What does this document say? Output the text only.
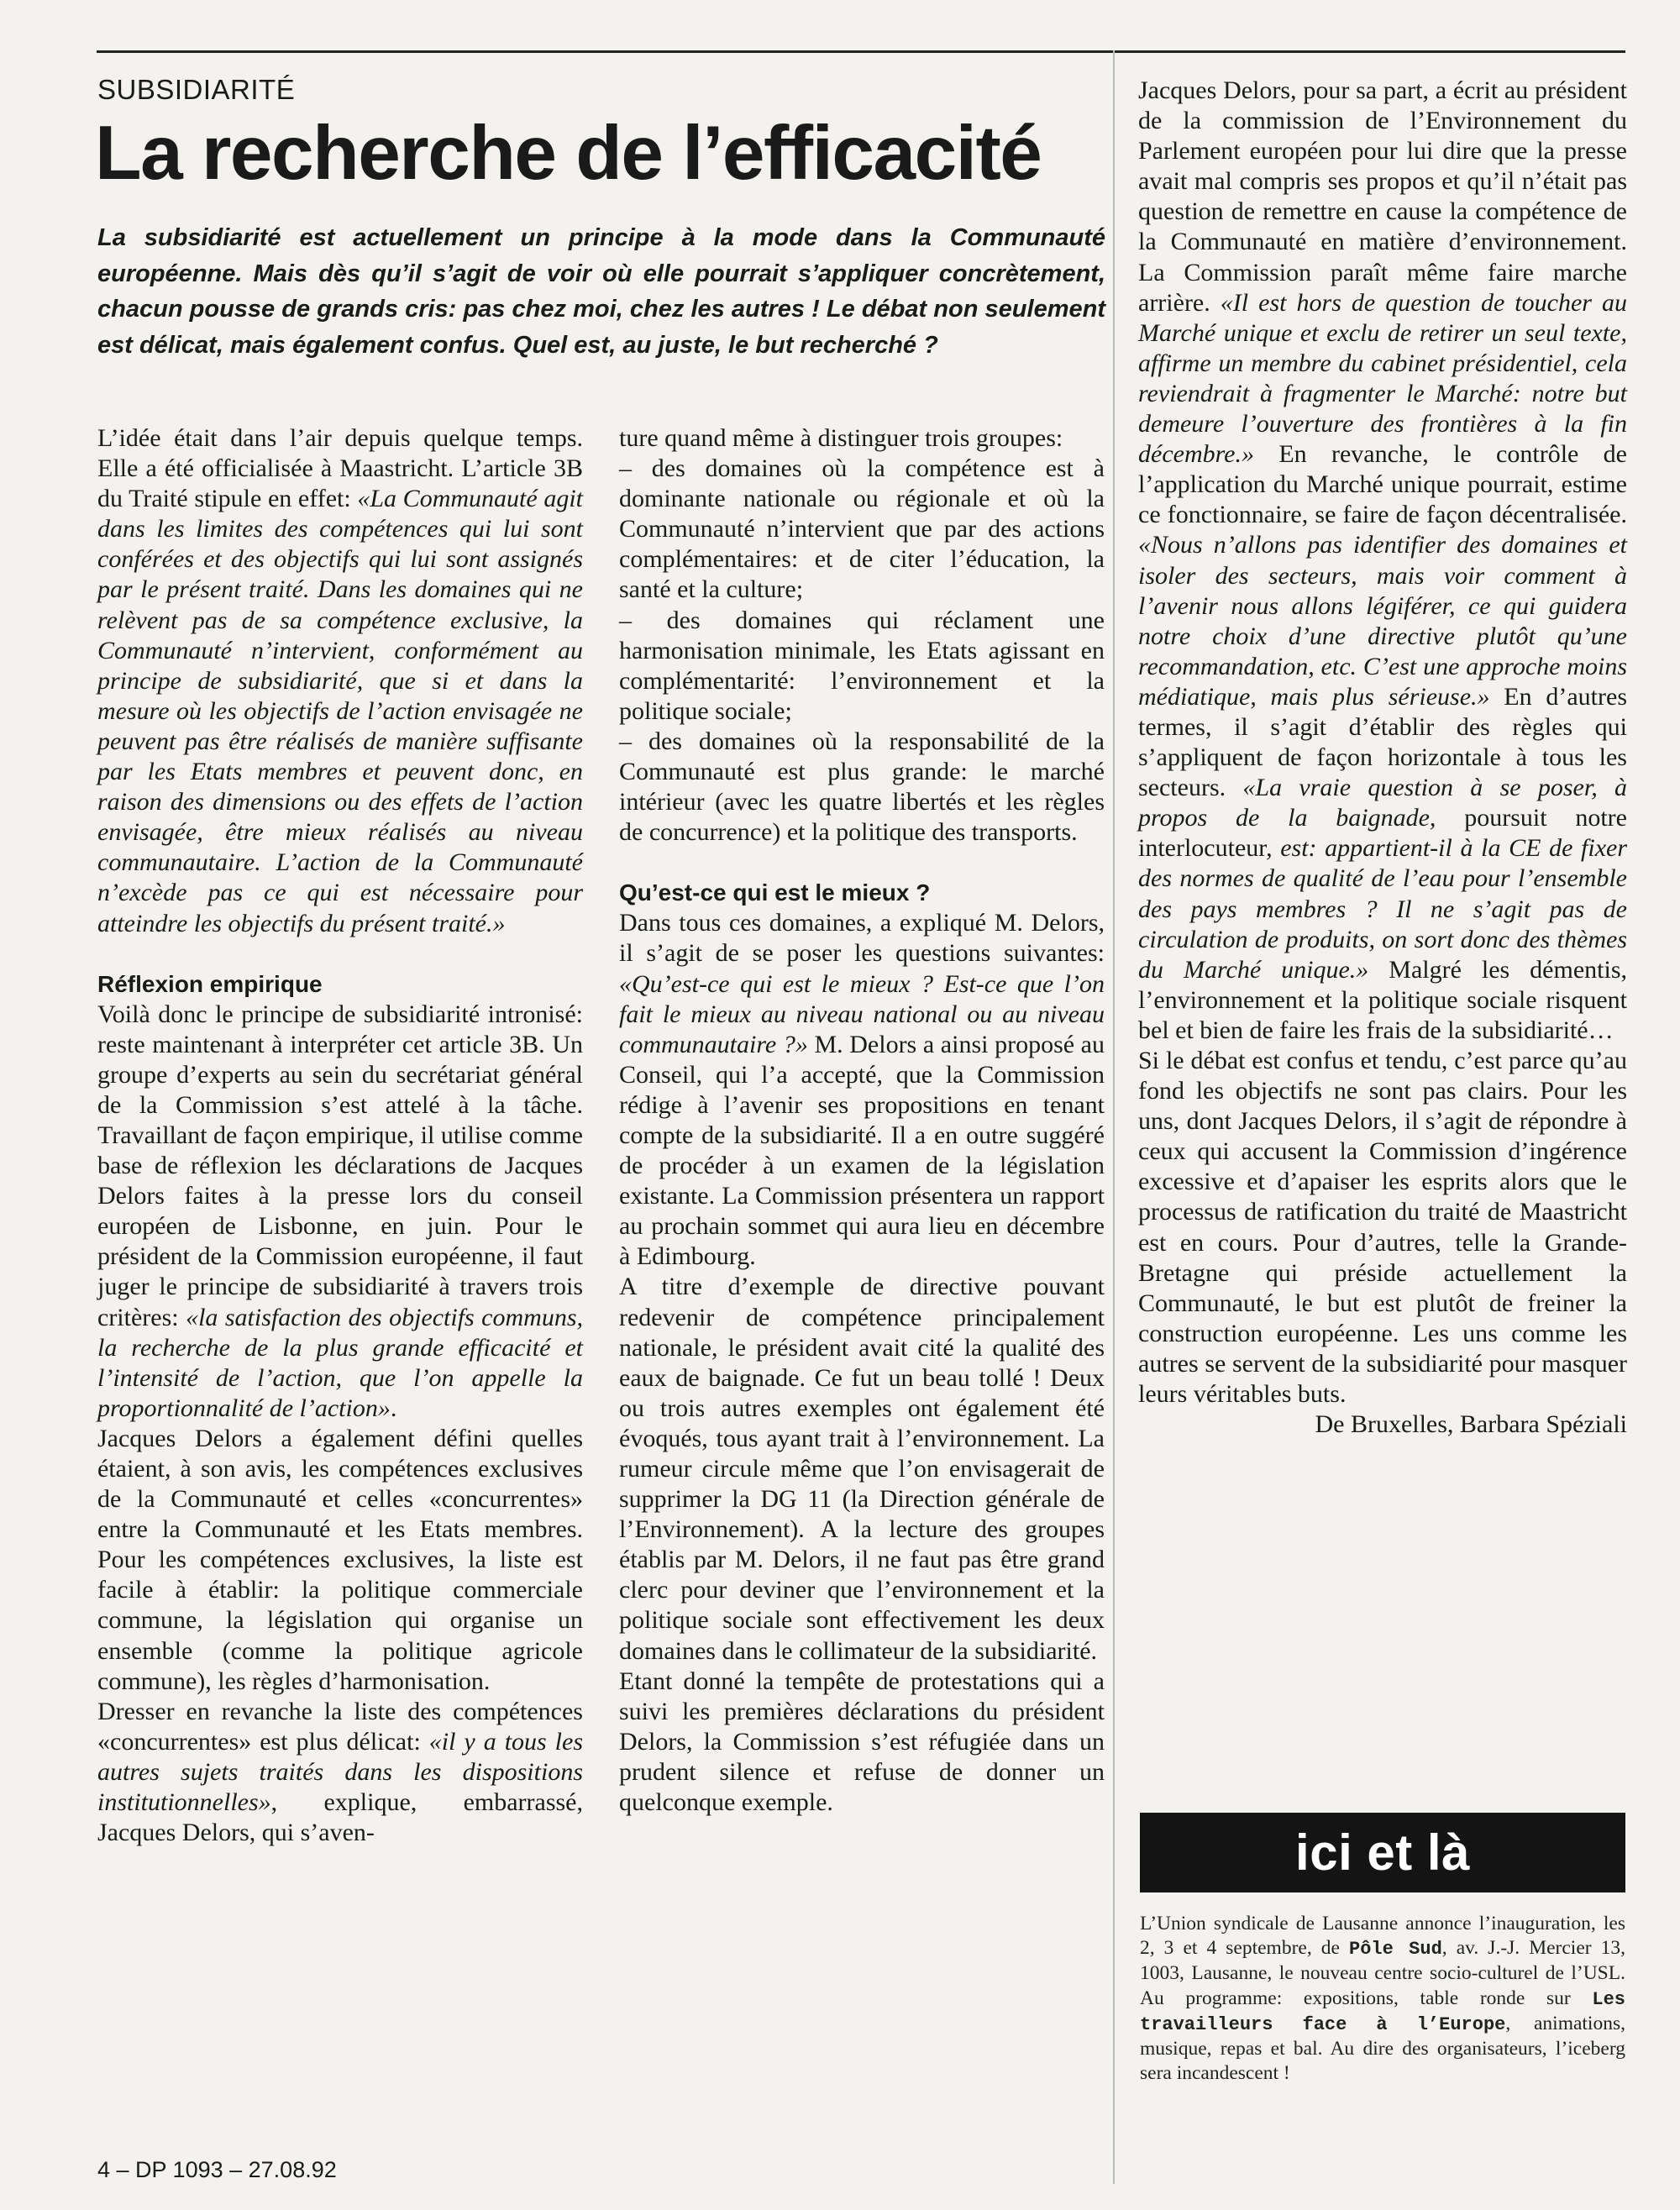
SUBSIDIARITÉ
La recherche de l’efficacité

La subsidiarité est actuellement un principe à la mode dans la Communauté européenne. Mais dès qu’il s’agit de voir où elle pourrait s’appliquer concrètement, chacun pousse de grands cris: pas chez moi, chez les autres ! Le débat non seulement est délicat, mais également confus. Quel est, au juste, le but recherché ?

L’idée était dans l’air depuis quelque temps. Elle a été officialisée à Maastricht. L’article 3B du Traité stipule en effet: «La Communauté agit dans les limites des compétences qui lui sont conférées et des objectifs qui lui sont assignés par le présent traité. Dans les domaines qui ne relèvent pas de sa compétence exclusive, la Communauté n’intervient, conformément au principe de subsidiarité, que si et dans la mesure où les objectifs de l’action envisagée ne peuvent pas être réalisés de manière suffisante par les Etats membres et peuvent donc, en raison des dimensions ou des effets de l’action envisagée, être mieux réalisés au niveau communautaire. L’action de la Communauté n’excède pas ce qui est nécessaire pour atteindre les objectifs du présent traité.»

Réflexion empirique

Voilà donc le principe de subsidiarité intronisé: reste maintenant à interpréter cet article 3B. Un groupe d’experts au sein du secrétariat général de la Commission s’est attelé à la tâche. Travaillant de façon empirique, il utilise comme base de réflexion les déclarations de Jacques Delors faites à la presse lors du conseil européen de Lisbonne, en juin. Pour le président de la Commission européenne, il faut juger le principe de subsidiarité à travers trois critères: «la satisfaction des objectifs communs, la recherche de la plus grande efficacité et l’intensité de l’action, que l’on appelle la proportionnalité de l’action».

Jacques Delors a également défini quelles étaient, à son avis, les compétences exclusives de la Communauté et celles «concurrentes» entre la Communauté et les Etats membres. Pour les compétences exclusives, la liste est facile à établir: la politique commerciale commune, la législation qui organise un ensemble (comme la politique agricole commune), les règles d’harmonisation.

Dresser en revanche la liste des compétences «concurrentes» est plus délicat: «il y a tous les autres sujets traités dans les dispositions institutionnelles», explique, embarrassé, Jacques Delors, qui s’aven-

ture quand même à distinguer trois groupes:

– des domaines où la compétence est à dominante nationale ou régionale et où la Communauté n’intervient que par des actions complémentaires: et de citer l’éducation, la santé et la culture;

– des domaines qui réclament une harmonisation minimale, les Etats agissant en complémentarité: l’environnement et la politique sociale;

– des domaines où la responsabilité de la Communauté est plus grande: le marché intérieur (avec les quatre libertés et les règles de concurrence) et la politique des transports.

Qu’est-ce qui est le mieux ?

Dans tous ces domaines, a expliqué M. Delors, il s’agit de se poser les questions suivantes: «Qu’est-ce qui est le mieux ? Est-ce que l’on fait le mieux au niveau national ou au niveau communautaire ?» M. Delors a ainsi proposé au Conseil, qui l’a accepté, que la Commission rédige à l’avenir ses propositions en tenant compte de la subsidiarité. Il a en outre suggéré de procéder à un examen de la législation existante. La Commission présentera un rapport au prochain sommet qui aura lieu en décembre à Edimbourg.

A titre d’exemple de directive pouvant redevenir de compétence principalement nationale, le président avait cité la qualité des eaux de baignade. Ce fut un beau tollé ! Deux ou trois autres exemples ont également été évoqués, tous ayant trait à l’environnement. La rumeur circule même que l’on envisagerait de supprimer la DG 11 (la Direction générale de l’Environnement). A la lecture des groupes établis par M. Delors, il ne faut pas être grand clerc pour deviner que l’environnement et la politique sociale sont effectivement les deux domaines dans le collimateur de la subsidiarité.

Etant donné la tempête de protestations qui a suivi les premières déclarations du président Delors, la Commission s’est réfugiée dans un prudent silence et refuse de donner un quelconque exemple.

Jacques Delors, pour sa part, a écrit au président de la commission de l’Environnement du Parlement européen pour lui dire que la presse avait mal compris ses propos et qu’il n’était pas question de remettre en cause la compétence de la Communauté en matière d’environnement. La Commission paraît même faire marche arrière. «Il est hors de question de toucher au Marché unique et exclu de retirer un seul texte, affirme un membre du cabinet présidentiel, cela reviendrait à fragmenter le Marché: notre but demeure l’ouverture des frontières à la fin décembre.» En revanche, le contrôle de l’application du Marché unique pourrait, estime ce fonctionnaire, se faire de façon décentralisée. «Nous n’allons pas identifier des domaines et isoler des secteurs, mais voir comment à l’avenir nous allons légiférer, ce qui guidera notre choix d’une directive plutôt qu’une recommandation, etc. C’est une approche moins médiatique, mais plus sérieuse.» En d’autres termes, il s’agit d’établir des règles qui s’appliquent de façon horizontale à tous les secteurs. «La vraie question à se poser, à propos de la baignade, poursuit notre interlocuteur, est: appartient-il à la CE de fixer des normes de qualité de l’eau pour l’ensemble des pays membres ? Il ne s’agit pas de circulation de produits, on sort donc des thèmes du Marché unique.» Malgré les démentis, l’environnement et la politique sociale risquent bel et bien de faire les frais de la subsidiarité…

Si le débat est confus et tendu, c’est parce qu’au fond les objectifs ne sont pas clairs. Pour les uns, dont Jacques Delors, il s’agit de répondre à ceux qui accusent la Commission d’ingérence excessive et d’apaiser les esprits alors que le processus de ratification du traité de Maastricht est en cours. Pour d’autres, telle la Grande-Bretagne qui préside actuellement la Communauté, le but est plutôt de freiner la construction européenne. Les uns comme les autres se servent de la subsidiarité pour masquer leurs véritables buts.

De Bruxelles, Barbara Spéziali

ici et là

L’Union syndicale de Lausanne annonce l’inauguration, les 2, 3 et 4 septembre, de Pôle Sud, av. J.-J. Mercier 13, 1003, Lausanne, le nouveau centre socio-culturel de l’USL. Au programme: expositions, table ronde sur Les travailleurs face à l’Europe, animations, musique, repas et bal. Au dire des organisateurs, l’iceberg sera incandescent !

4 – DP 1093 – 27.08.92
